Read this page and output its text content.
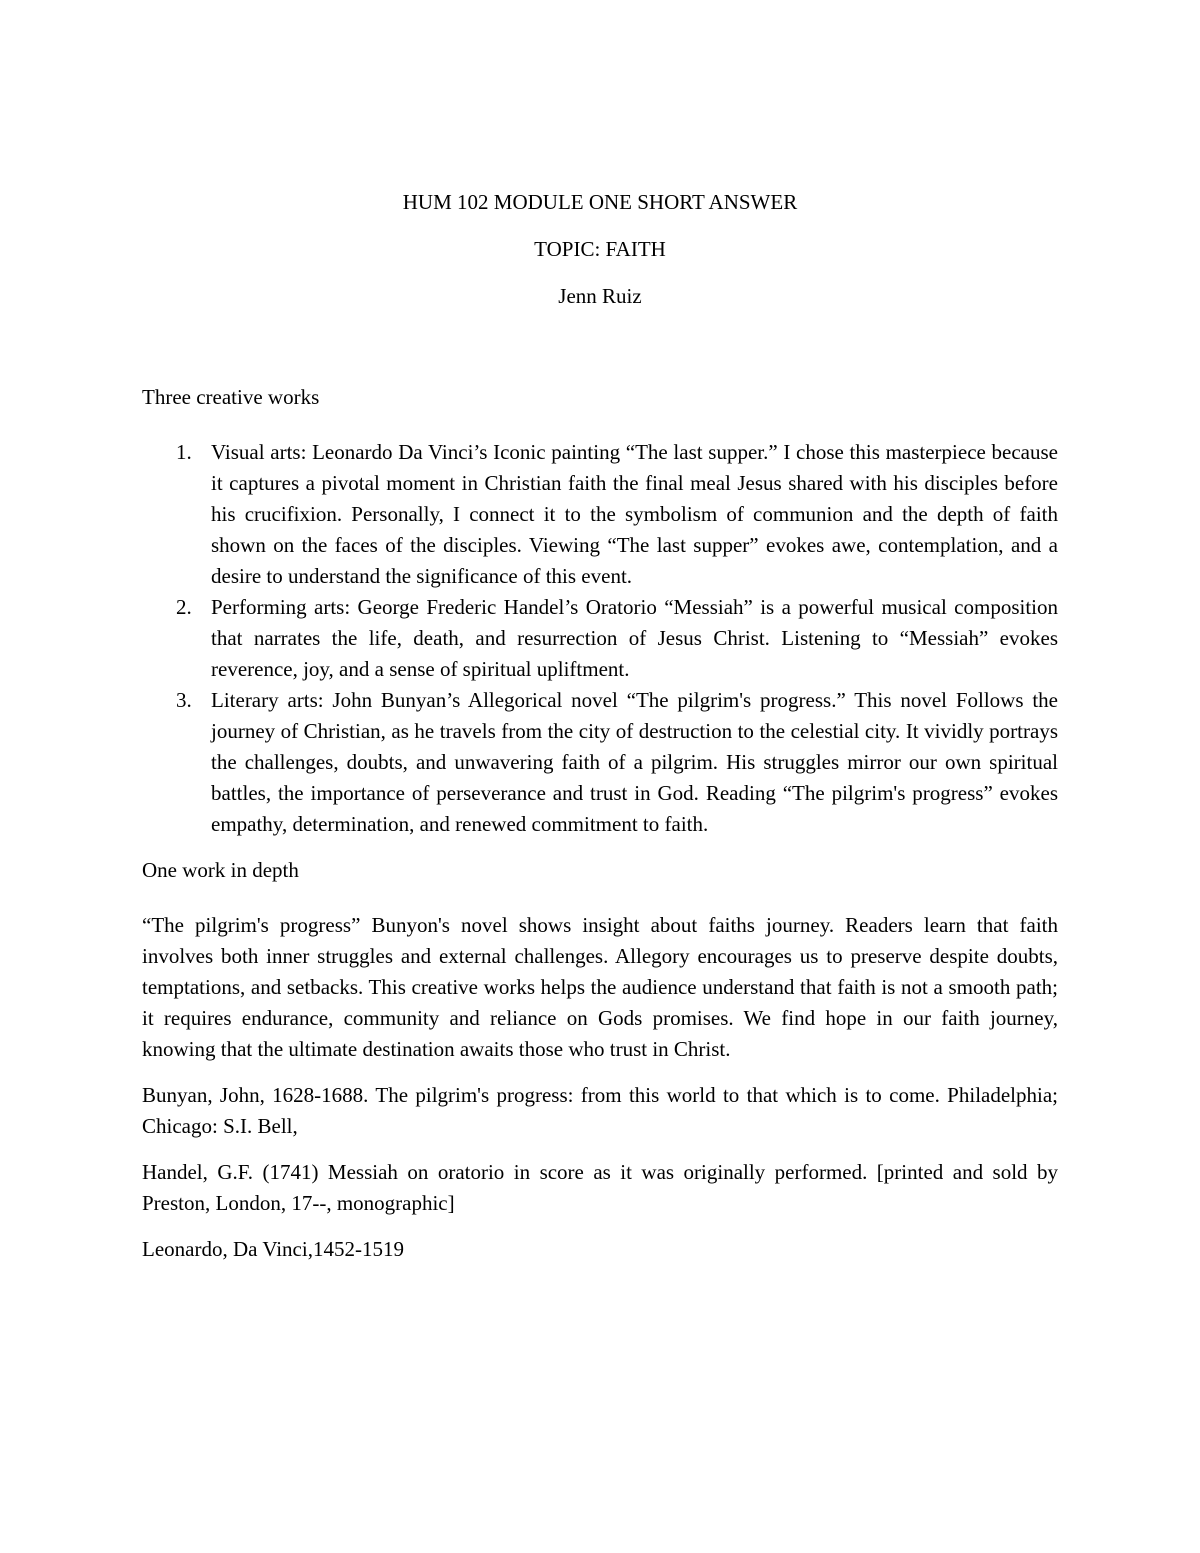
HUM 102 MODULE ONE SHORT ANSWER
TOPIC: FAITH
Jenn Ruiz
Three creative works
1. Visual arts: Leonardo Da Vinci’s Iconic painting “The last supper.” I chose this masterpiece because it captures a pivotal moment in Christian faith the final meal Jesus shared with his disciples before his crucifixion. Personally, I connect it to the symbolism of communion and the depth of faith shown on the faces of the disciples. Viewing “The last supper” evokes awe, contemplation, and a desire to understand the significance of this event.
2. Performing arts: George Frederic Handel’s Oratorio “Messiah” is a powerful musical composition that narrates the life, death, and resurrection of Jesus Christ. Listening to “Messiah” evokes reverence, joy, and a sense of spiritual upliftment.
3. Literary arts: John Bunyan’s Allegorical novel “The pilgrim's progress.” This novel Follows the journey of Christian, as he travels from the city of destruction to the celestial city. It vividly portrays the challenges, doubts, and unwavering faith of a pilgrim. His struggles mirror our own spiritual battles, the importance of perseverance and trust in God. Reading “The pilgrim's progress” evokes empathy, determination, and renewed commitment to faith.
One work in depth

“The pilgrim's progress” Bunyon's novel shows insight about faiths journey. Readers learn that faith involves both inner struggles and external challenges. Allegory encourages us to preserve despite doubts, temptations, and setbacks. This creative works helps the audience understand that faith is not a smooth path; it requires endurance, community and reliance on Gods promises. We find hope in our faith journey, knowing that the ultimate destination awaits those who trust in Christ.

Bunyan, John, 1628-1688. The pilgrim's progress: from this world to that which is to come. Philadelphia; Chicago: S.I. Bell,

Handel, G.F. (1741) Messiah on oratorio in score as it was originally performed. [printed and sold by Preston, London, 17--, monographic]

Leonardo, Da Vinci,1452-1519
